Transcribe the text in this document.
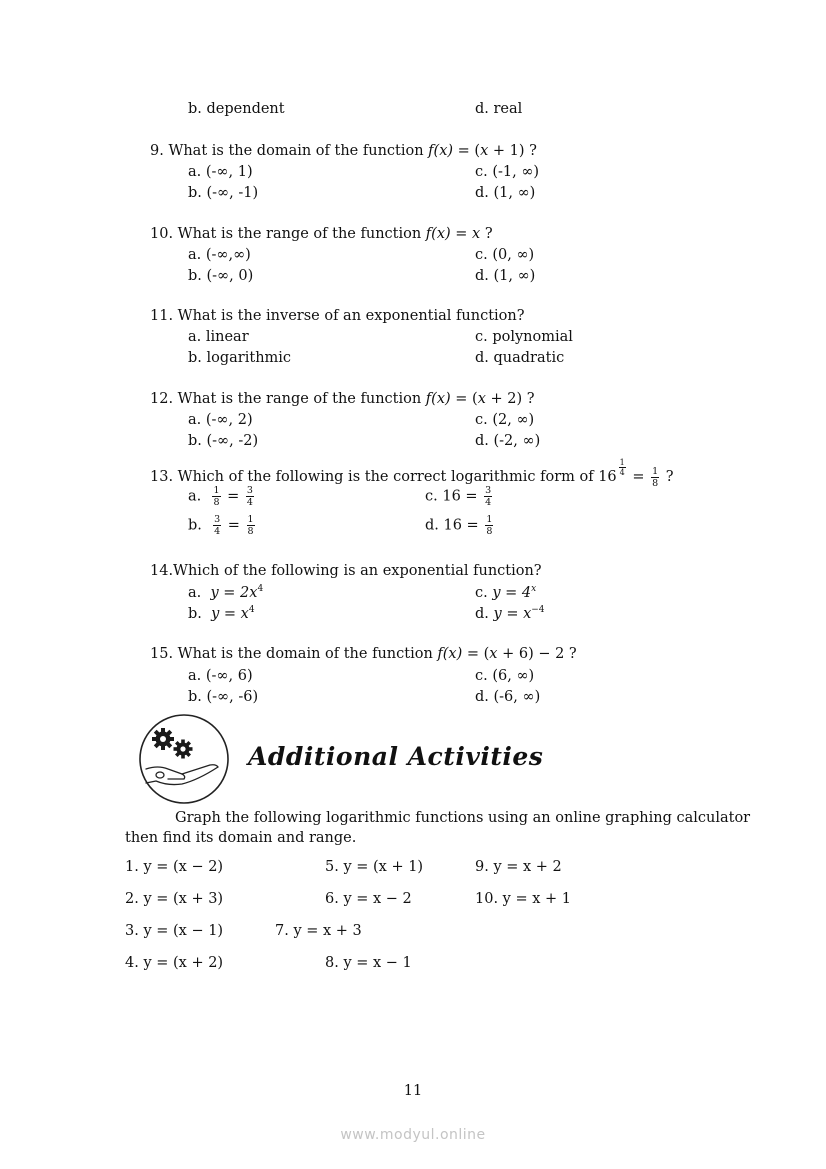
b. dependent	d. real
9. What is the domain of the function f(x) = (x + 1) ?
a. (-∞, 1)	c. (-1, ∞)
b. (-∞, -1)	d. (1, ∞)
10. What is the range of the function f(x) = x ?
a. (-∞,∞)	c. (0, ∞)
b. (-∞, 0)	d. (1, ∞)
11. What is the inverse of an exponential function?
a. linear	c. polynomial
b. logarithmic	d. quadratic
12. What is the range of the function f(x) = (x + 2) ?
a. (-∞, 2)	c. (2, ∞)
b. (-∞, -2)	d. (-2, ∞)
13. Which of the following is the correct logarithmic form of $16 \frac{1}{4} = \frac{1}{8}$ ?
a. $\frac{1}{8} = \frac{3}{4}$	c. $16 = \frac{3}{4}$
b. $\frac{3}{4} = \frac{1}{8}$	d. $16 = \frac{1}{8}$
14.Which of the following is an exponential function?
a. $y = 2x^4$	c. $y = 4^x$
b. $y = x^4$	d. $y = x^{-4}$
15. What is the domain of the function f(x) = (x + 6) − 2 ?
a. (-∞, 6)	c. (6, ∞)
b. (-∞, -6)	d. (-6, ∞)
Additional Activities
Graph the following logarithmic functions using an online graphing calculator then find its domain and range.
1. y = (x − 2)	5. y = (x + 1)	9. y = x + 2
2. y = (x + 3)	6. y = x − 2	10. y = x + 1
3. y = (x − 1)	7. y = x + 3
4. y = (x + 2)	8. y = x − 1
11
www.modyul.online
